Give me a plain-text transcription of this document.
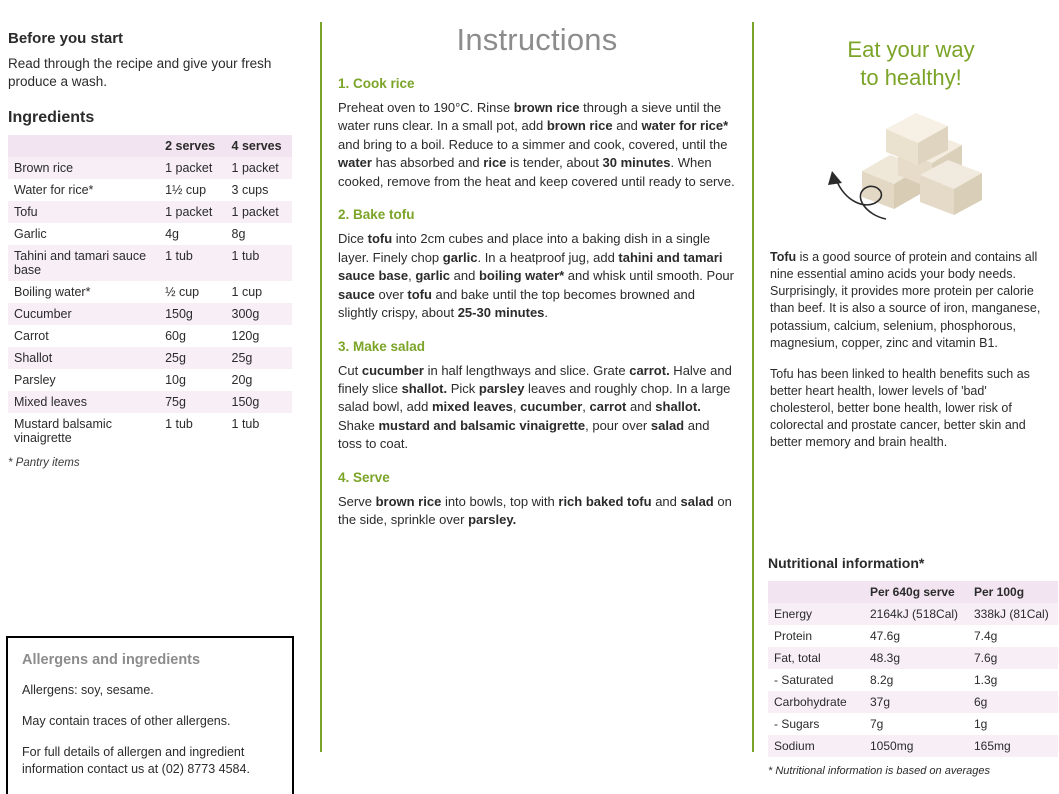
Before you start

Read through the recipe and give your fresh produce a wash.

Ingredients
	2 serves	4 serves
Brown rice	1 packet	1 packet
Water for rice*	1½ cup	3 cups
Tofu	1 packet	1 packet
Garlic	4g	8g
Tahini and tamari sauce base	1 tub	1 tub
Boiling water*	½ cup	1 cup
Cucumber	150g	300g
Carrot	60g	120g
Shallot	25g	25g
Parsley	10g	20g
Mixed leaves	75g	150g
Mustard balsamic vinaigrette	1 tub	1 tub
* Pantry items
Allergens and ingredients

Allergens: soy, sesame.

May contain traces of other allergens.

For full details of allergen and ingredient information contact us at (02) 8773 4584.

Instructions
1. Cook rice
Preheat oven to 190°C. Rinse brown rice through a sieve until the water runs clear. In a small pot, add brown rice and water for rice* and bring to a boil. Reduce to a simmer and cook, covered, until the water has absorbed and rice is tender, about 30 minutes. When cooked, remove from the heat and keep covered until ready to serve.
2. Bake tofu
Dice tofu into 2cm cubes and place into a baking dish in a single layer. Finely chop garlic. In a heatproof jug, add tahini and tamari sauce base, garlic and boiling water* and whisk until smooth. Pour sauce over tofu and bake until the top becomes browned and slightly crispy, about 25-30 minutes.
3. Make salad
Cut cucumber in half lengthways and slice. Grate carrot. Halve and finely slice shallot. Pick parsley leaves and roughly chop. In a large salad bowl, add mixed leaves, cucumber, carrot and shallot. Shake mustard and balsamic vinaigrette, pour over salad and toss to coat.
4. Serve
Serve brown rice into bowls, top with rich baked tofu and salad on the side, sprinkle over parsley.
Eat your way
to healthy!

Tofu is a good source of protein and contains all nine essential amino acids your body needs. Surprisingly, it provides more protein per calorie than beef. It is also a source of iron, manganese, potassium, calcium, selenium, phosphorous, magnesium, copper, zinc and vitamin B1.

Tofu has been linked to health benefits such as better heart health, lower levels of 'bad' cholesterol, better bone health, lower risk of colorectal and prostate cancer, better skin and better memory and brain health.

Nutritional information*
	Per 640g serve	Per 100g
Energy	2164kJ (518Cal)	338kJ (81Cal)
Protein	47.6g	7.4g
Fat, total	48.3g	7.6g
- Saturated	8.2g	1.3g
Carbohydrate	37g	6g
- Sugars	7g	1g
Sodium	1050mg	165mg
* Nutritional information is based on averages
